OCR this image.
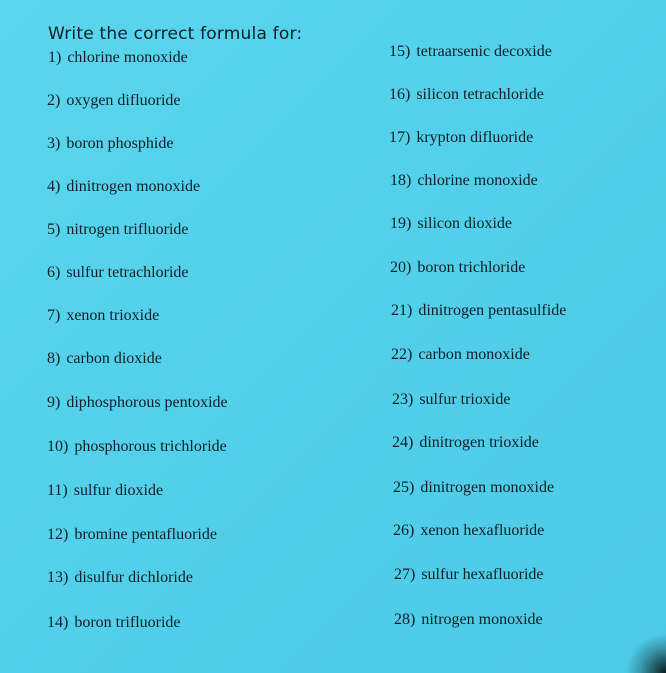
Write the correct formula for:
1) chlorine monoxide
2) oxygen difluoride
3) boron phosphide
4) dinitrogen monoxide
5) nitrogen trifluoride
6) sulfur tetrachloride
7) xenon trioxide
8) carbon dioxide
9) diphosphorous pentoxide
10) phosphorous trichloride
11) sulfur dioxide
12) bromine pentafluoride
13) disulfur dichloride
14) boron trifluoride
15) tetraarsenic decoxide
16) silicon tetrachloride
17) krypton difluoride
18) chlorine monoxide
19) silicon dioxide
20) boron trichloride
21) dinitrogen pentasulfide
22) carbon monoxide
23) sulfur trioxide
24) dinitrogen trioxide
25) dinitrogen monoxide
26) xenon hexafluoride
27) sulfur hexafluoride
28) nitrogen monoxide
